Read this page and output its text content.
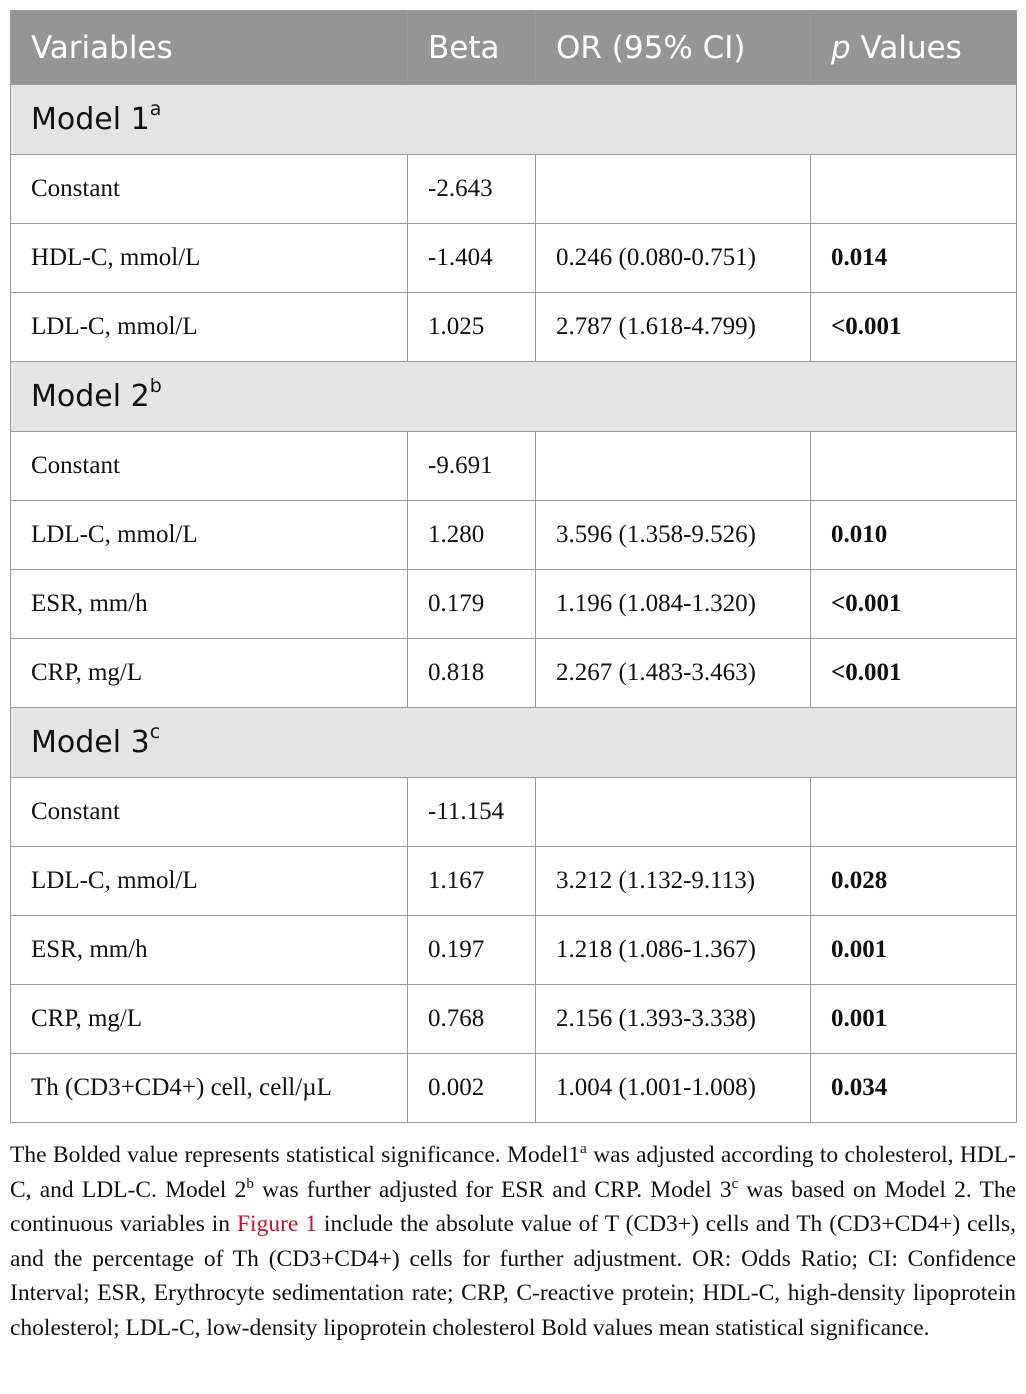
Variables	Beta	OR (95% CI)	p Values
Model 1$^a$
Constant	-2.643		
HDL-C, mmol/L	-1.404	0.246 (0.080-0.751)	0.014
LDL-C, mmol/L	1.025	2.787 (1.618-4.799)	<0.001
Model 2$^b$
Constant	-9.691		
LDL-C, mmol/L	1.280	3.596 (1.358-9.526)	0.010
ESR, mm/h	0.179	1.196 (1.084-1.320)	<0.001
CRP, mg/L	0.818	2.267 (1.483-3.463)	<0.001
Model 3$^c$
Constant	-11.154		
LDL-C, mmol/L	1.167	3.212 (1.132-9.113)	0.028
ESR, mm/h	0.197	1.218 (1.086-1.367)	0.001
CRP, mg/L	0.768	2.156 (1.393-3.338)	0.001
Th (CD3+CD4+) cell, cell/µL	0.002	1.004 (1.001-1.008)	0.034
The Bolded value represents statistical significance. Model1$^a$ was adjusted according to cholesterol, HDL-C, and LDL-C. Model 2$^b$ was further adjusted for ESR and CRP. Model 3$^c$ was based on Model 2. The continuous variables in Figure 1 include the absolute value of T (CD3+) cells and Th (CD3+CD4+) cells, and the percentage of Th (CD3+CD4+) cells for further adjustment. OR: Odds Ratio; CI: Confidence Interval; ESR, Erythrocyte sedimentation rate; CRP, C-reactive protein; HDL-C, high-density lipoprotein cholesterol; LDL-C, low-density lipoprotein cholesterol Bold values mean statistical significance.
